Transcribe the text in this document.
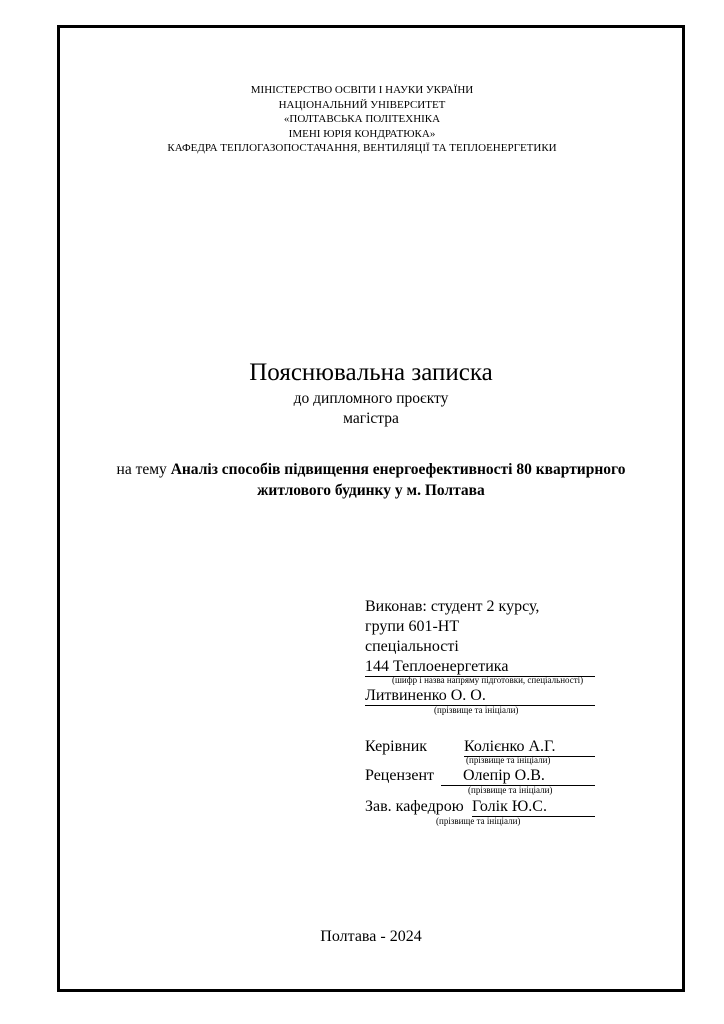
МІНІСТЕРСТВО ОСВІТИ І НАУКИ УКРАЇНИ
НАЦІОНАЛЬНИЙ УНІВЕРСИТЕТ
«ПОЛТАВСЬКА ПОЛІТЕХНІКА
ІМЕНІ ЮРІЯ КОНДРАТЮКА»
КАФЕДРА ТЕПЛОГАЗОПОСТАЧАННЯ, ВЕНТИЛЯЦІЇ ТА ТЕПЛОЕНЕРГЕТИКИ
Пояснювальна записка
до дипломного проєкту
магістра
на тему Аналіз способів підвищення енергоефективності 80 квартирного житлового будинку у м. Полтава
Виконав: студент 2 курсу,
групи 601-НТ
спеціальності
144 Теплоенергетика
(шифр і назва напряму підготовки, спеціальності)
Литвиненко О. О.
(прізвище та ініціали)
Керівник Колієнко А.Г.
(прізвище та ініціали)
Рецензент Олепір О.В.
(прізвище та ініціали)
Зав. кафедрою Голік Ю.С.
(прізвище та ініціали)
Полтава - 2024
